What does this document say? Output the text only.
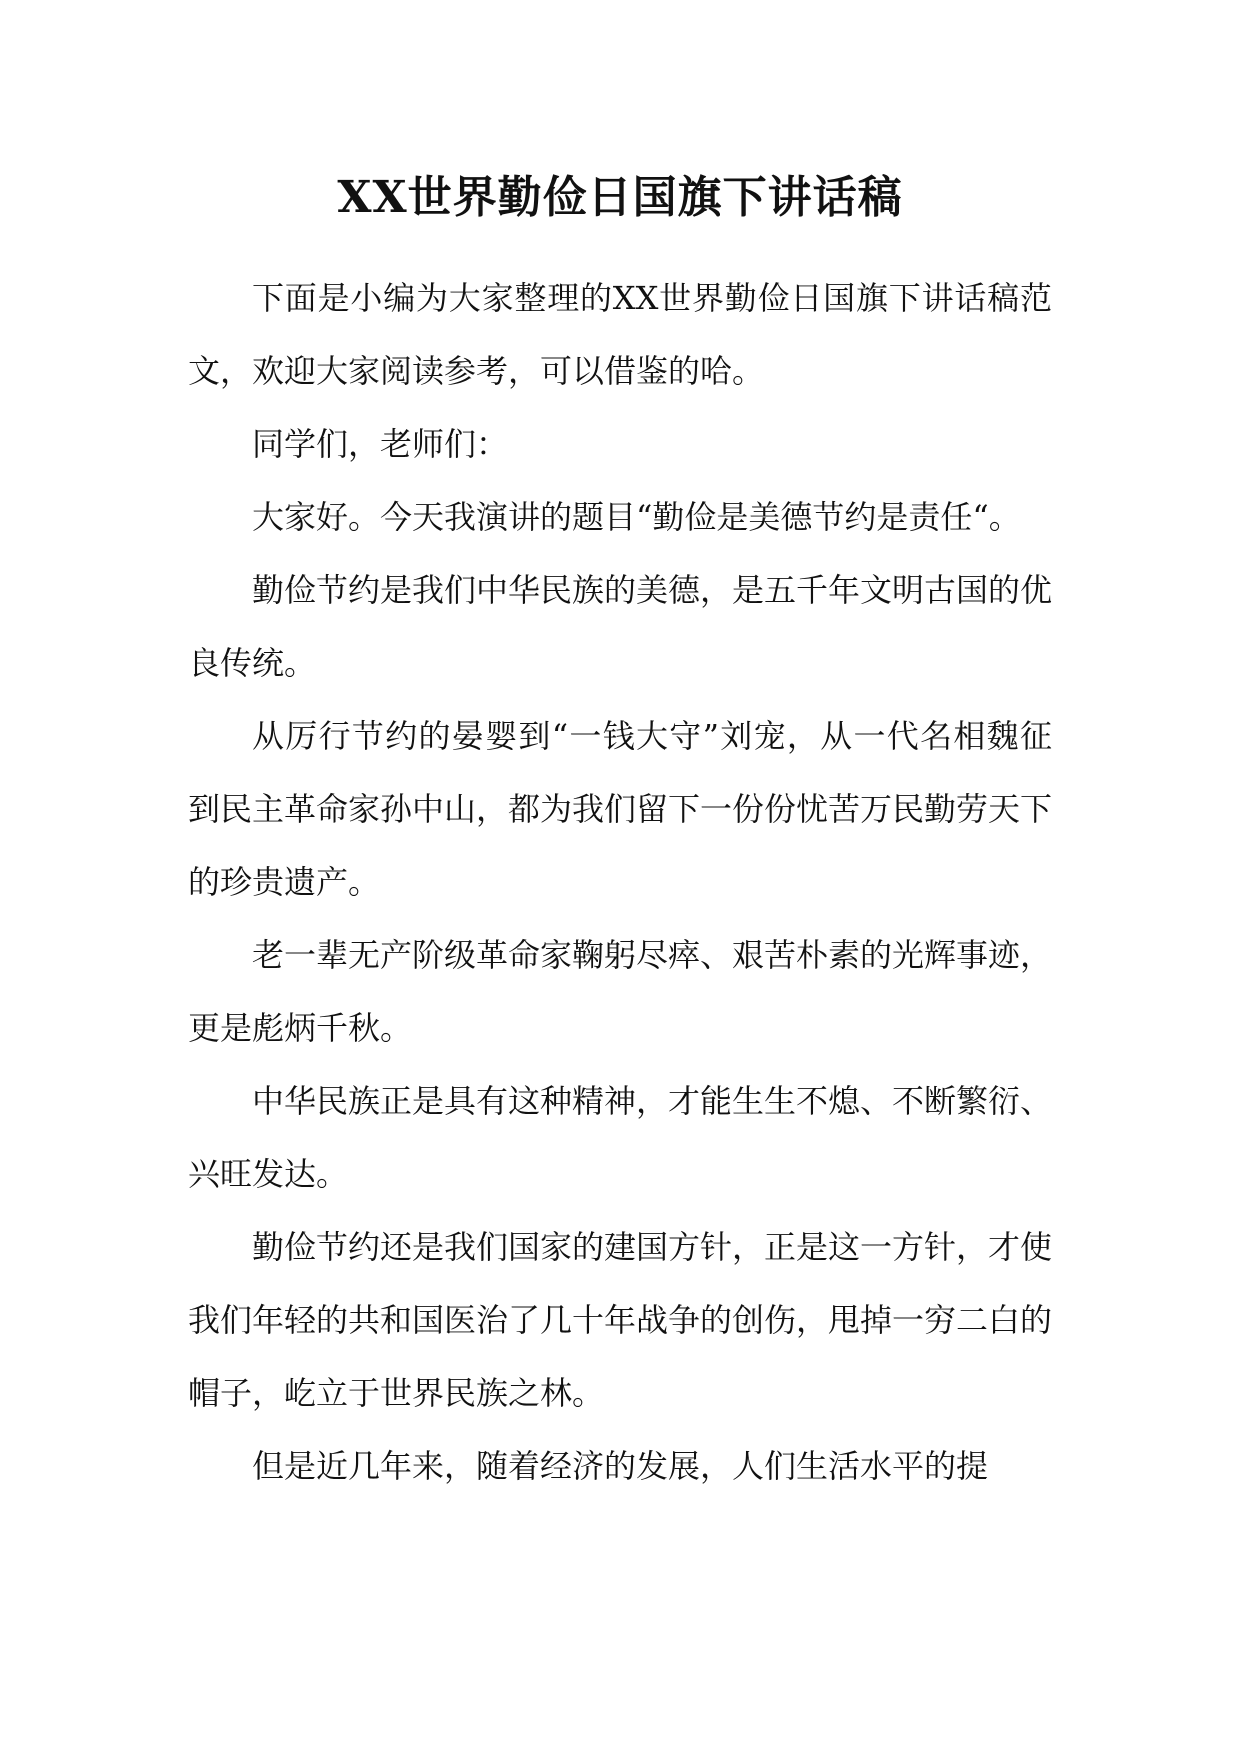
XX世界勤俭日国旗下讲话稿

下面是小编为大家整理的XX世界勤俭日国旗下讲话稿范文，欢迎大家阅读参考，可以借鉴的哈。

同学们，老师们：

大家好。今天我演讲的题目“勤俭是美德节约是责任“。

勤俭节约是我们中华民族的美德，是五千年文明古国的优良传统。

从厉行节约的晏婴到“一钱大守”刘宠，从一代名相魏征到民主革命家孙中山，都为我们留下一份份忧苦万民勤劳天下的珍贵遗产。

老一辈无产阶级革命家鞠躬尽瘁、艰苦朴素的光辉事迹，更是彪炳千秋。

中华民族正是具有这种精神，才能生生不熄、不断繁衍、兴旺发达。

勤俭节约还是我们国家的建国方针，正是这一方针，才使我们年轻的共和国医治了几十年战争的创伤，甩掉一穷二白的帽子，屹立于世界民族之林。

但是近几年来，随着经济的发展，人们生活水平的提
